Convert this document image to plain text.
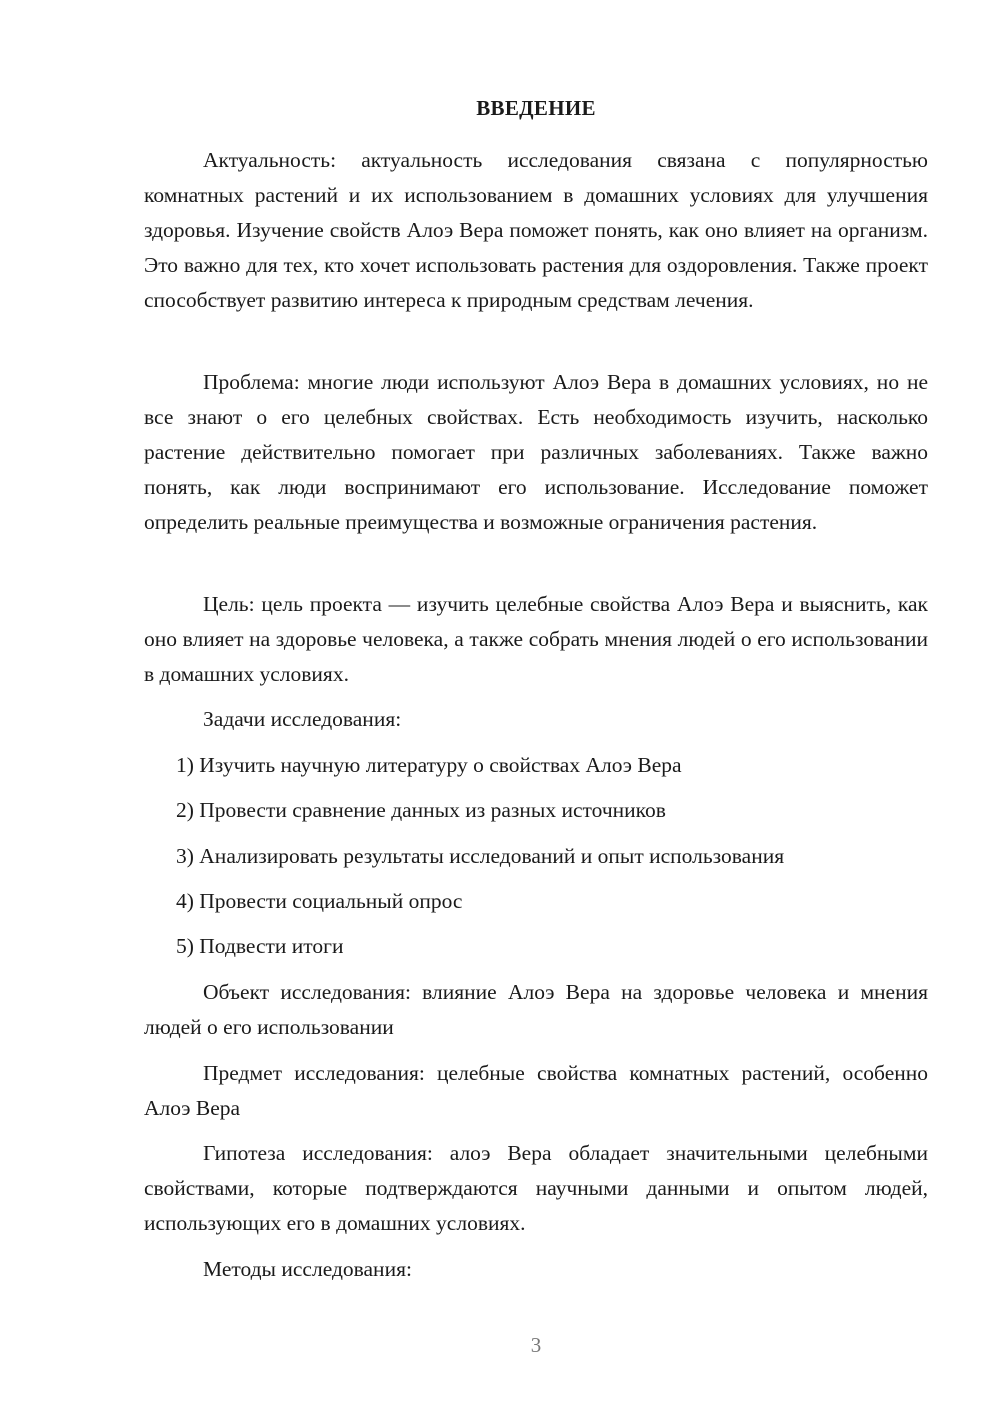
ВВЕДЕНИЕ

Актуальность: актуальность исследования связана с популярностью комнатных растений и их использованием в домашних условиях для улучшения здоровья. Изучение свойств Алоэ Вера поможет понять, как оно влияет на организм. Это важно для тех, кто хочет использовать растения для оздоровления. Также проект способствует развитию интереса к природным средствам лечения.

Проблема: многие люди используют Алоэ Вера в домашних условиях, но не все знают о его целебных свойствах. Есть необходимость изучить, насколько растение действительно помогает при различных заболеваниях. Также важно понять, как люди воспринимают его использование. Исследование поможет определить реальные преимущества и возможные ограничения растения.

Цель: цель проекта — изучить целебные свойства Алоэ Вера и выяснить, как оно влияет на здоровье человека, а также собрать мнения людей о его использовании в домашних условиях.

Задачи исследования:

1) Изучить научную литературу о свойствах Алоэ Вера

2) Провести сравнение данных из разных источников

3) Анализировать результаты исследований и опыт использования

4) Провести социальный опрос

5) Подвести итоги

Объект исследования: влияние Алоэ Вера на здоровье человека и мнения людей о его использовании

Предмет исследования: целебные свойства комнатных растений, особенно Алоэ Вера

Гипотеза исследования: алоэ Вера обладает значительными целебными свойствами, которые подтверждаются научными данными и опытом людей, использующих его в домашних условиях.

Методы исследования:

3
